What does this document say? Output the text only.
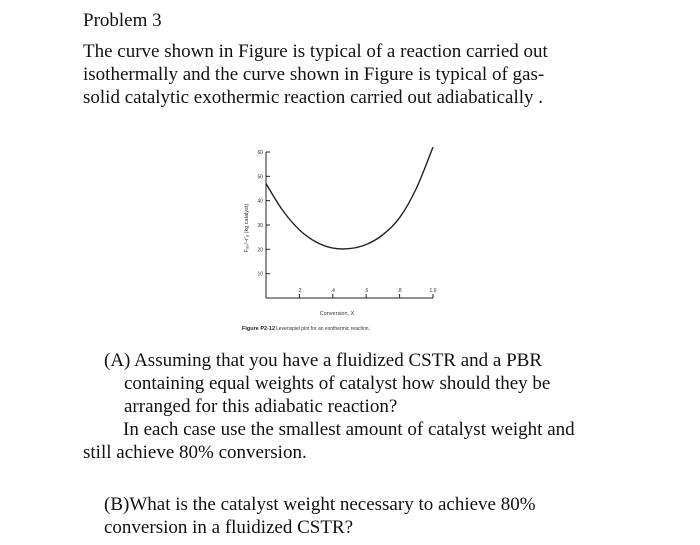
Problem 3

The curve shown in Figure is typical of a reaction carried out
isothermally and the curve shown in Figure is typical of gas-
solid catalytic exothermic reaction carried out adiabatically .

10
20
30
40
50
60
.2	.4	.6	.8	1.0
Conversion, X
Fₐ₀/−r′ₐ (kg catalyst)
Figure P2-12 Levenspiel plot for an exothermic reaction.
(A) Assuming that you have a fluidized CSTR and a PBR
containing equal weights of catalyst how should they be
arranged for this adiabatic reaction?
In each case use the smallest amount of catalyst weight and
still achieve 80% conversion.
(B)What is the catalyst weight necessary to achieve 80%
conversion in a fluidized CSTR?
